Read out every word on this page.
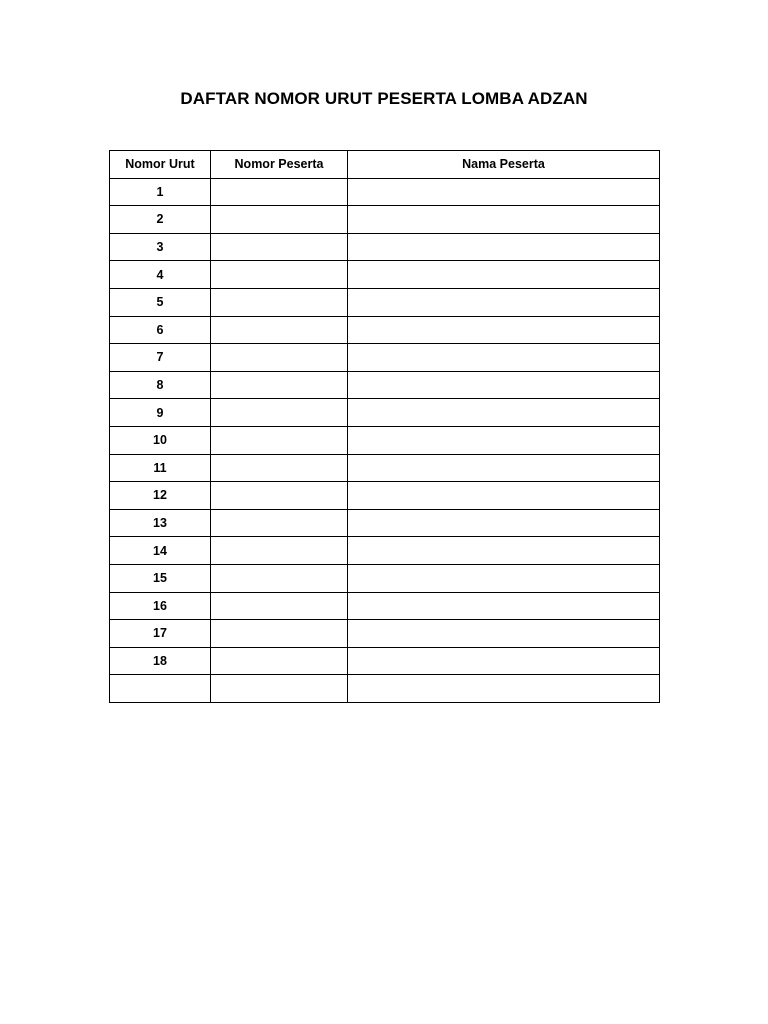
DAFTAR NOMOR URUT PESERTA LOMBA ADZAN
Nomor Urut	Nomor Peserta	Nama Peserta
1		
2		
3		
4		
5		
6		
7		
8		
9		
10		
11		
12		
13		
14		
15		
16		
17		
18		
